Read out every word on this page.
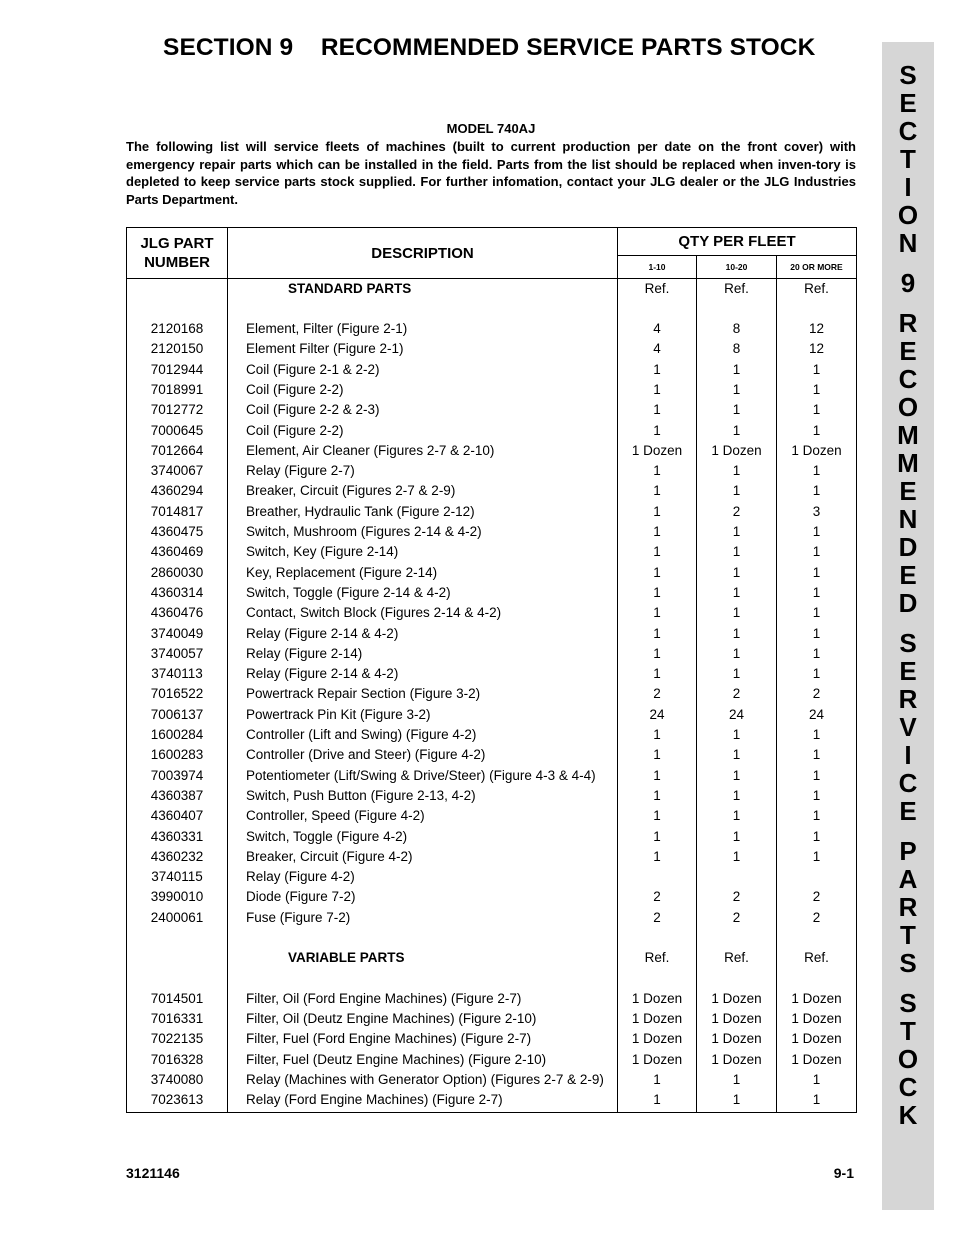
SECTION 9 RECOMMENDED SERVICE PARTS STOCK
S
E
C
T
I
O
N
9
R
E
C
O
M
M
E
N
D
E
D
S
E
R
V
I
C
E
P
A
R
T
S
S
T
O
C
K
MODEL 740AJ
The following list will service fleets of machines (built to current production per date on the front cover) with emergency repair parts which can be installed in the field. Parts from the list should be replaced when inven-tory is depleted to keep service parts stock supplied. For further infomation, contact your JLG dealer or the JLG Industries Parts Department.
JLG PART NUMBER	DESCRIPTION	QTY PER FLEET		
		1-10	10-20	20 OR MORE
	STANDARD PARTS	Ref.	Ref.	Ref.

2120168	Element, Filter (Figure 2-1)	4	8	12
2120150	Element Filter (Figure 2-1)	4	8	12
7012944	Coil (Figure 2-1 & 2-2)	1	1	1
7018991	Coil (Figure 2-2)	1	1	1
7012772	Coil (Figure 2-2 & 2-3)	1	1	1
7000645	Coil (Figure 2-2)	1	1	1
7012664	Element, Air Cleaner (Figures 2-7 & 2-10)	1 Dozen	1 Dozen	1 Dozen
3740067	Relay (Figure 2-7)	1	1	1
4360294	Breaker, Circuit (Figures 2-7 & 2-9)	1	1	1
7014817	Breather, Hydraulic Tank (Figure 2-12)	1	2	3
4360475	Switch, Mushroom (Figures 2-14 & 4-2)	1	1	1
4360469	Switch, Key (Figure 2-14)	1	1	1
2860030	Key, Replacement (Figure 2-14)	1	1	1
4360314	Switch, Toggle (Figure 2-14 & 4-2)	1	1	1
4360476	Contact, Switch Block (Figures 2-14 & 4-2)	1	1	1
3740049	Relay (Figure 2-14 & 4-2)	1	1	1
3740057	Relay (Figure 2-14)	1	1	1
3740113	Relay (Figure 2-14 & 4-2)	1	1	1
7016522	Powertrack Repair Section (Figure 3-2)	2	2	2
7006137	Powertrack Pin Kit (Figure 3-2)	24	24	24
1600284	Controller (Lift and Swing) (Figure 4-2)	1	1	1
1600283	Controller (Drive and Steer) (Figure 4-2)	1	1	1
7003974	Potentiometer (Lift/Swing & Drive/Steer) (Figure 4-3 & 4-4)	1	1	1
4360387	Switch, Push Button (Figure 2-13, 4-2)	1	1	1
4360407	Controller, Speed (Figure 4-2)	1	1	1
4360331	Switch, Toggle (Figure 4-2)	1	1	1
4360232	Breaker, Circuit (Figure 4-2)	1	1	1
3740115	Relay (Figure 4-2)			
3990010	Diode (Figure 7-2)	2	2	2
2400061	Fuse (Figure 7-2)	2	2	2

	VARIABLE PARTS	Ref.	Ref.	Ref.

7014501	Filter, Oil (Ford Engine Machines) (Figure 2-7)	1 Dozen	1 Dozen	1 Dozen
7016331	Filter, Oil (Deutz Engine Machines) (Figure 2-10)	1 Dozen	1 Dozen	1 Dozen
7022135	Filter, Fuel (Ford Engine Machines) (Figure 2-7)	1 Dozen	1 Dozen	1 Dozen
7016328	Filter, Fuel (Deutz Engine Machines) (Figure 2-10)	1 Dozen	1 Dozen	1 Dozen
3740080	Relay (Machines with Generator Option) (Figures 2-7 & 2-9)	1	1	1
7023613	Relay (Ford Engine Machines) (Figure 2-7)	1	1	1
3121146	9-1
